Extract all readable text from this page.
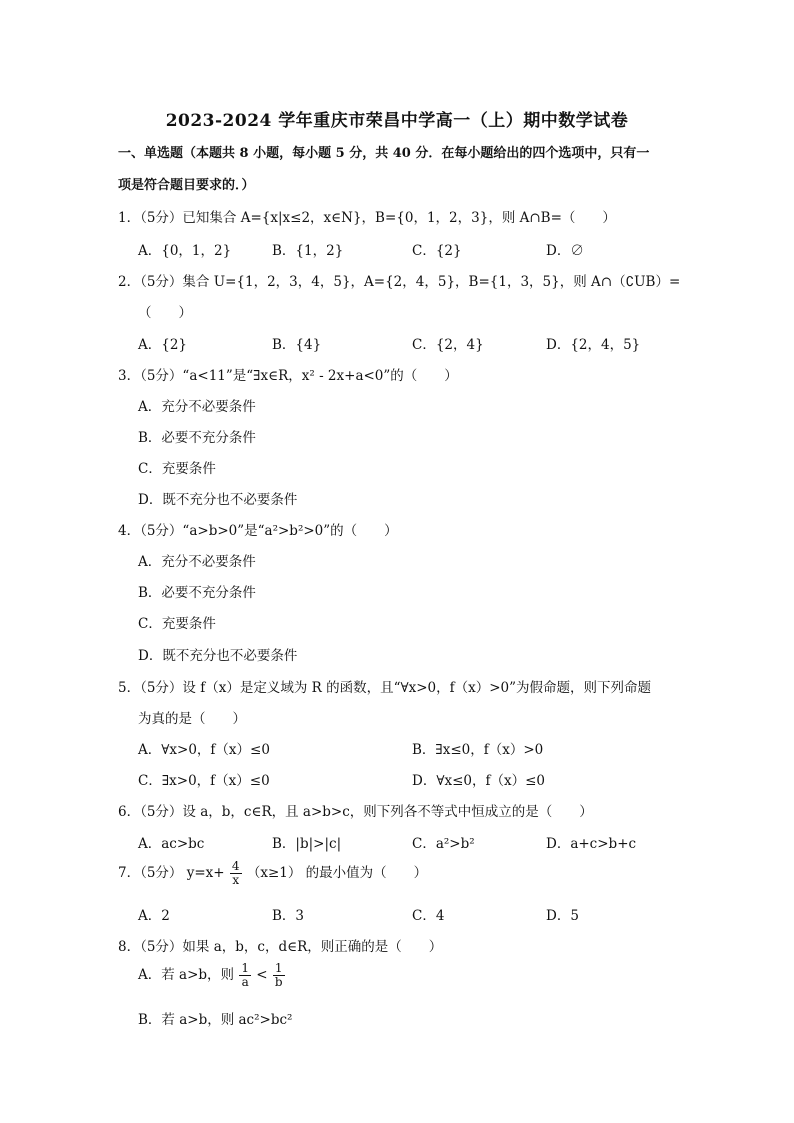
2023-2024 学年重庆市荣昌中学高一（上）期中数学试卷
一、单选题（本题共 8 小题，每小题 5 分，共 40 分．在每小题给出的四个选项中，只有一
项是符合题目要求的．）
1．（5分）已知集合 A={x|x≤2，x∈N}，B={0，1，2，3}，则 A∩B=（　　）
A．{0，1，2}	B．{1，2}	C．{2}	D．∅
2．（5分）集合 U={1，2，3，4，5}，A={2，4，5}，B={1，3，5}，则 A∩（∁UB）=
（　　）
A．{2}	B．{4}	C．{2，4}	D．{2，4，5}
3．（5分）“a<11”是“∃x∈R，x² - 2x+a<0”的（　　）
A．充分不必要条件
B．必要不充分条件
C．充要条件
D．既不充分也不必要条件
4．（5分）“a>b>0”是“a²>b²>0”的（　　）
A．充分不必要条件
B．必要不充分条件
C．充要条件
D．既不充分也不必要条件
5．（5分）设 f（x）是定义域为 R 的函数，且“∀x>0，f（x）>0”为假命题，则下列命题
为真的是（　　）
A．∀x>0，f（x）≤0	B．∃x≤0，f（x）>0
C．∃x>0，f（x）≤0	D．∀x≤0，f（x）≤0
6．（5分）设 a，b，c∈R，且 a>b>c，则下列各不等式中恒成立的是（　　）
A．ac>bc	B．|b|>|c|	C．a²>b²	D．a+c>b+c
7．（5分） $y=x+ \frac{4}{x} (x\ge 1)$ 的最小值为（　　）
A．2	B．3	C．4	D．5
8．（5分）如果 a，b，c，d∈R，则正确的是（　　）
A．若 a>b，则 $\frac{1}{a} < \frac{1}{b}$
B．若 a>b，则 ac²>bc²
